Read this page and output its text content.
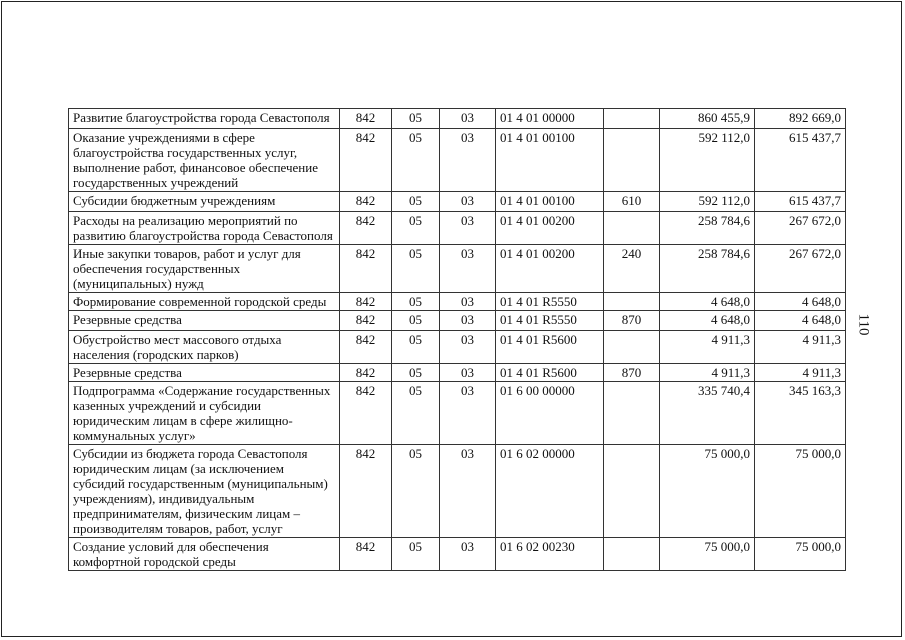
Развитие благоустройства города Севастополя	842	05	03	01 4 01 00000		860 455,9	892 669,0
Оказание учреждениями в сфере благоустройства государственных услуг, выполнение работ, финансовое обеспечение государственных учреждений	842	05	03	01 4 01 00100		592 112,0	615 437,7
Субсидии бюджетным учреждениям	842	05	03	01 4 01 00100	610	592 112,0	615 437,7
Расходы на реализацию мероприятий по развитию благоустройства города Севастополя	842	05	03	01 4 01 00200		258 784,6	267 672,0
Иные закупки товаров, работ и услуг для обеспечения государственных (муниципальных) нужд	842	05	03	01 4 01 00200	240	258 784,6	267 672,0
Формирование современной городской среды	842	05	03	01 4 01 R5550		4 648,0	4 648,0
Резервные средства	842	05	03	01 4 01 R5550	870	4 648,0	4 648,0
Обустройство мест массового отдыха населения (городских парков)	842	05	03	01 4 01 R5600		4 911,3	4 911,3
Резервные средства	842	05	03	01 4 01 R5600	870	4 911,3	4 911,3
Подпрограмма «Содержание государственных казенных учреждений и субсидии юридическим лицам в сфере жилищно-коммунальных услуг»	842	05	03	01 6 00 00000		335 740,4	345 163,3
Субсидии из бюджета города Севастополя юридическим лицам (за исключением субсидий государственным (муниципальным) учреждениям), индивидуальным предпринимателям, физическим лицам – производителям товаров, работ, услуг	842	05	03	01 6 02 00000		75 000,0	75 000,0
Создание условий для обеспечения комфортной городской среды	842	05	03	01 6 02 00230		75 000,0	75 000,0
110
